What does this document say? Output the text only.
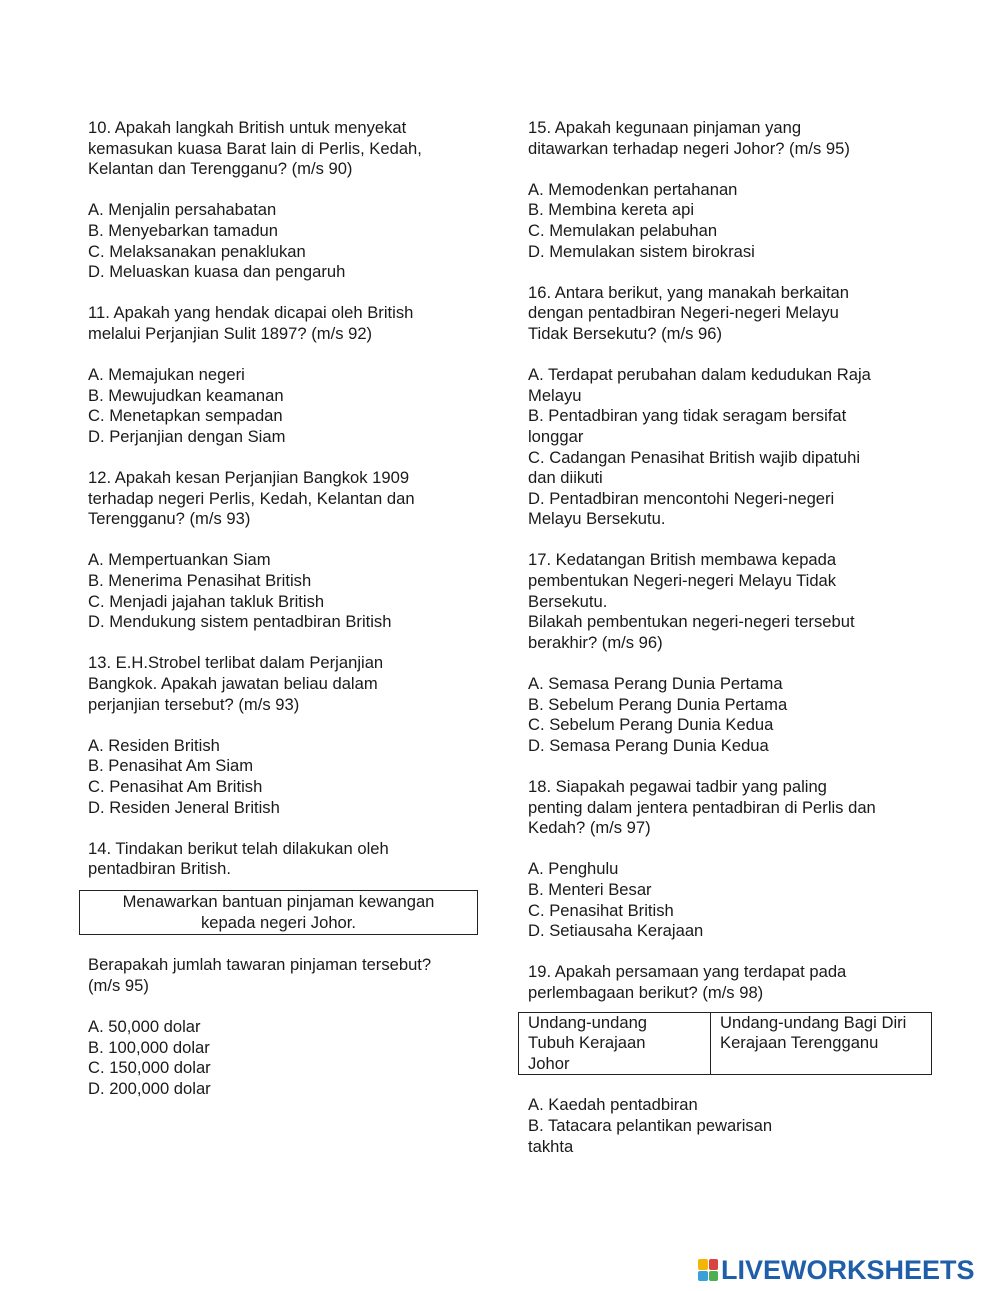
10. Apakah langkah British untuk menyekat
kemasukan kuasa Barat lain di Perlis, Kedah,
Kelantan dan Terengganu? (m/s 90)
A. Menjalin persahabatan
B. Menyebarkan tamadun
C. Melaksanakan penaklukan
D. Meluaskan kuasa dan pengaruh
11. Apakah yang hendak dicapai oleh British
melalui Perjanjian Sulit 1897? (m/s 92)
A. Memajukan negeri
B. Mewujudkan keamanan
C. Menetapkan sempadan
D. Perjanjian dengan Siam
12. Apakah kesan Perjanjian Bangkok 1909
terhadap negeri Perlis, Kedah, Kelantan dan
Terengganu? (m/s 93)
A. Mempertuankan Siam
B. Menerima Penasihat British
C. Menjadi jajahan takluk British
D. Mendukung sistem pentadbiran British
13. E.H.Strobel terlibat dalam Perjanjian
Bangkok. Apakah jawatan beliau dalam
perjanjian tersebut? (m/s 93)
A. Residen British
B. Penasihat Am Siam
C. Penasihat Am British
D. Residen Jeneral British
14. Tindakan berikut telah dilakukan oleh
pentadbiran British.
Menawarkan bantuan pinjaman kewangan
kepada negeri Johor.
Berapakah jumlah tawaran pinjaman tersebut?
(m/s 95)
A. 50,000 dolar
B. 100,000 dolar
C. 150,000 dolar
D. 200,000 dolar
15. Apakah kegunaan pinjaman yang
ditawarkan terhadap negeri Johor? (m/s 95)
A. Memodenkan pertahanan
B. Membina kereta api
C. Memulakan pelabuhan
D. Memulakan sistem birokrasi
16. Antara berikut, yang manakah berkaitan
dengan pentadbiran Negeri-negeri Melayu
Tidak Bersekutu? (m/s 96)
A. Terdapat perubahan dalam kedudukan Raja
Melayu
B. Pentadbiran yang tidak seragam bersifat
longgar
C. Cadangan Penasihat British wajib dipatuhi
dan diikuti
D. Pentadbiran mencontohi Negeri-negeri
Melayu Bersekutu.
17. Kedatangan British membawa kepada
pembentukan Negeri-negeri Melayu Tidak
Bersekutu.
Bilakah pembentukan negeri-negeri tersebut
berakhir? (m/s 96)
A. Semasa Perang Dunia Pertama
B. Sebelum Perang Dunia Pertama
C. Sebelum Perang Dunia Kedua
D. Semasa Perang Dunia Kedua
18. Siapakah pegawai tadbir yang paling
penting dalam jentera pentadbiran di Perlis dan
Kedah? (m/s 97)
A. Penghulu
B. Menteri Besar
C. Penasihat British
D. Setiausaha Kerajaan
19. Apakah persamaan yang terdapat pada
perlembagaan berikut? (m/s 98)
Undang-undang
Tubuh Kerajaan
Johor

Undang-undang Bagi Diri
Kerajaan Terengganu
A. Kaedah pentadbiran
B. Tatacara pelantikan pewarisan
takhta
LIVEWORKSHEETS
